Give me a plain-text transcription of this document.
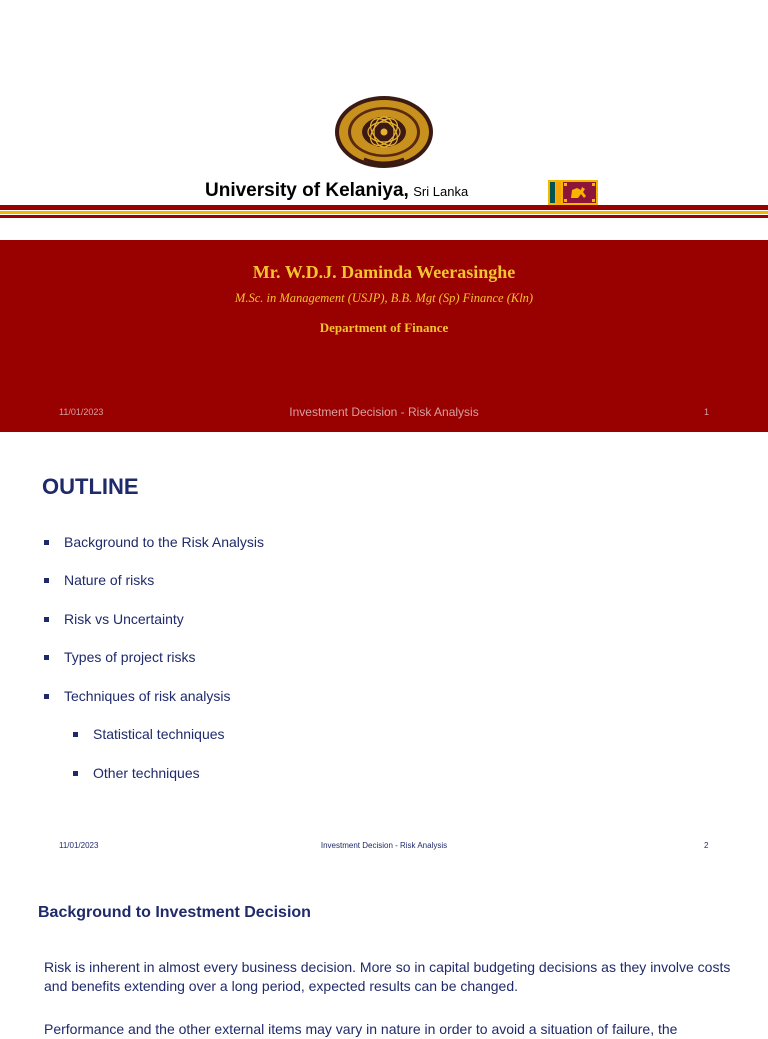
University of Kelaniya, Sri Lanka
Mr. W.D.J. Daminda Weerasinghe
M.Sc. in Management (USJP), B.B. Mgt (Sp) Finance (Kln)
Department of Finance
11/01/2023	Investment Decision - Risk Analysis	1
OUTLINE
Background to the Risk Analysis
Nature of risks
Risk vs Uncertainty
Types of project risks
Techniques of risk analysis
Statistical techniques
Other techniques
11/01/2023	Investment Decision - Risk Analysis	2
Background to Investment Decision
Risk is inherent in almost every business decision. More so in capital budgeting decisions as they involve costs and benefits extending over a long period, expected results can be changed.
Performance and the other external items may vary in nature in order to avoid a situation of failure, the
